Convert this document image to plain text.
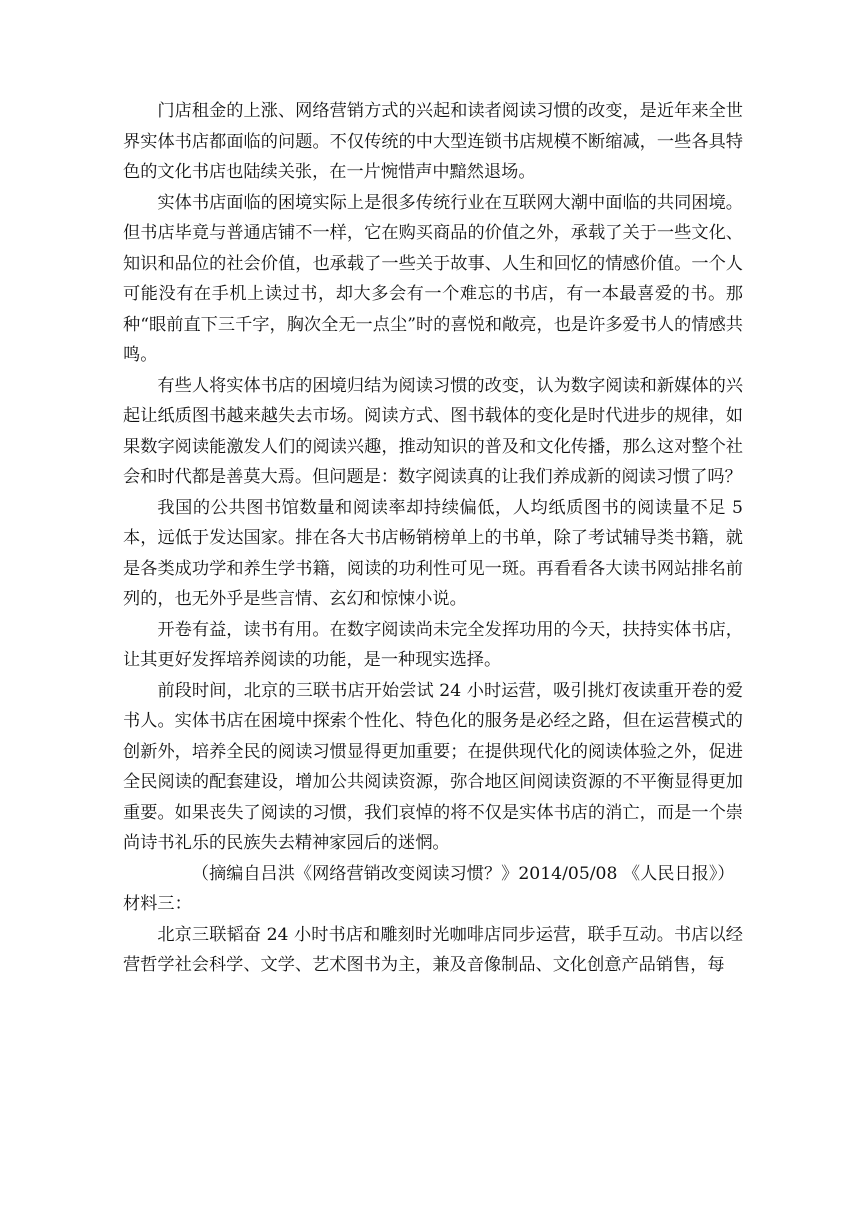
门店租金的上涨、网络营销方式的兴起和读者阅读习惯的改变，是近年来全世界实体书店都面临的问题。不仅传统的中大型连锁书店规模不断缩减，一些各具特色的文化书店也陆续关张，在一片惋惜声中黯然退场。

实体书店面临的困境实际上是很多传统行业在互联网大潮中面临的共同困境。但书店毕竟与普通店铺不一样，它在购买商品的价值之外，承载了关于一些文化、知识和品位的社会价值，也承载了一些关于故事、人生和回忆的情感价值。一个人可能没有在手机上读过书，却大多会有一个难忘的书店，有一本最喜爱的书。那种“眼前直下三千字，胸次全无一点尘”时的喜悦和敞亮，也是许多爱书人的情感共鸣。

有些人将实体书店的困境归结为阅读习惯的改变，认为数字阅读和新媒体的兴起让纸质图书越来越失去市场。阅读方式、图书载体的变化是时代进步的规律，如果数字阅读能激发人们的阅读兴趣，推动知识的普及和文化传播，那么这对整个社会和时代都是善莫大焉。但问题是：数字阅读真的让我们养成新的阅读习惯了吗？

我国的公共图书馆数量和阅读率却持续偏低，人均纸质图书的阅读量不足 5 本，远低于发达国家。排在各大书店畅销榜单上的书单，除了考试辅导类书籍，就是各类成功学和养生学书籍，阅读的功利性可见一斑。再看看各大读书网站排名前列的，也无外乎是些言情、玄幻和惊悚小说。

开卷有益，读书有用。在数字阅读尚未完全发挥功用的今天，扶持实体书店，让其更好发挥培养阅读的功能，是一种现实选择。

前段时间，北京的三联书店开始尝试 24 小时运营，吸引挑灯夜读重开卷的爱书人。实体书店在困境中探索个性化、特色化的服务是必经之路，但在运营模式的创新外，培养全民的阅读习惯显得更加重要；在提供现代化的阅读体验之外，促进全民阅读的配套建设，增加公共阅读资源，弥合地区间阅读资源的不平衡显得更加重要。如果丧失了阅读的习惯，我们哀悼的将不仅是实体书店的消亡，而是一个崇尚诗书礼乐的民族失去精神家园后的迷惘。

（摘编自吕洪《网络营销改变阅读习惯？》2014/05/08 《人民日报》）

材料三：

北京三联韬奋 24 小时书店和雕刻时光咖啡店同步运营，联手互动。书店以经营哲学社会科学、文学、艺术图书为主，兼及音像制品、文化创意产品销售，每
